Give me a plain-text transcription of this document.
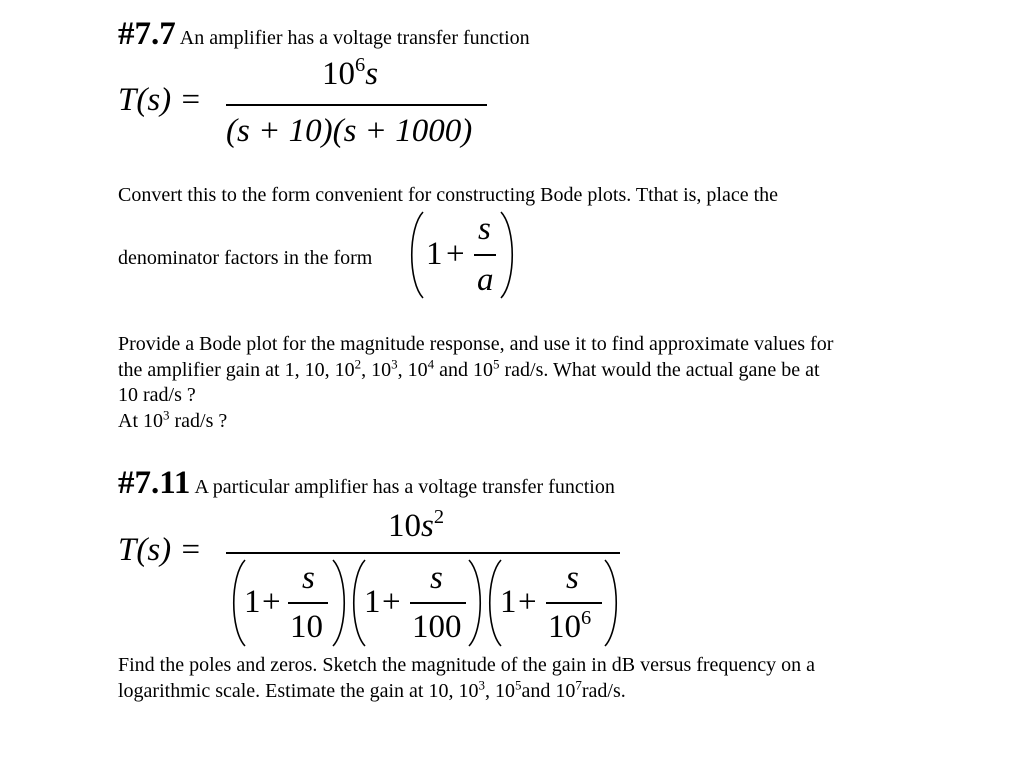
#7.7 An amplifier has a voltage transfer function
T(s) =
$10^6s$
(s + 10)(s + 1000)
Convert this to the form convenient for constructing Bode plots. Tthat is, place the
denominator factors in the form 1 +
s
a
Provide a Bode plot for the magnitude response, and use it to find approximate values for
the amplifier gain at 1, 10, $10^2$, $10^3$, $10^4$ and $10^5$ rad/s. What would the actual gane be at
10 rad/s ?
At $10^3$ rad/s ?
#7.11 A particular amplifier has a voltage transfer function
T(s) =
$10s^2$
1 +
s
10
1 +
s
100
1 +
s
$10^6$
Find the poles and zeros. Sketch the magnitude of the gain in dB versus frequency on a
logarithmic scale. Estimate the gain at 10, $10^3$, $10^5and$ $10^7rad/s$.
